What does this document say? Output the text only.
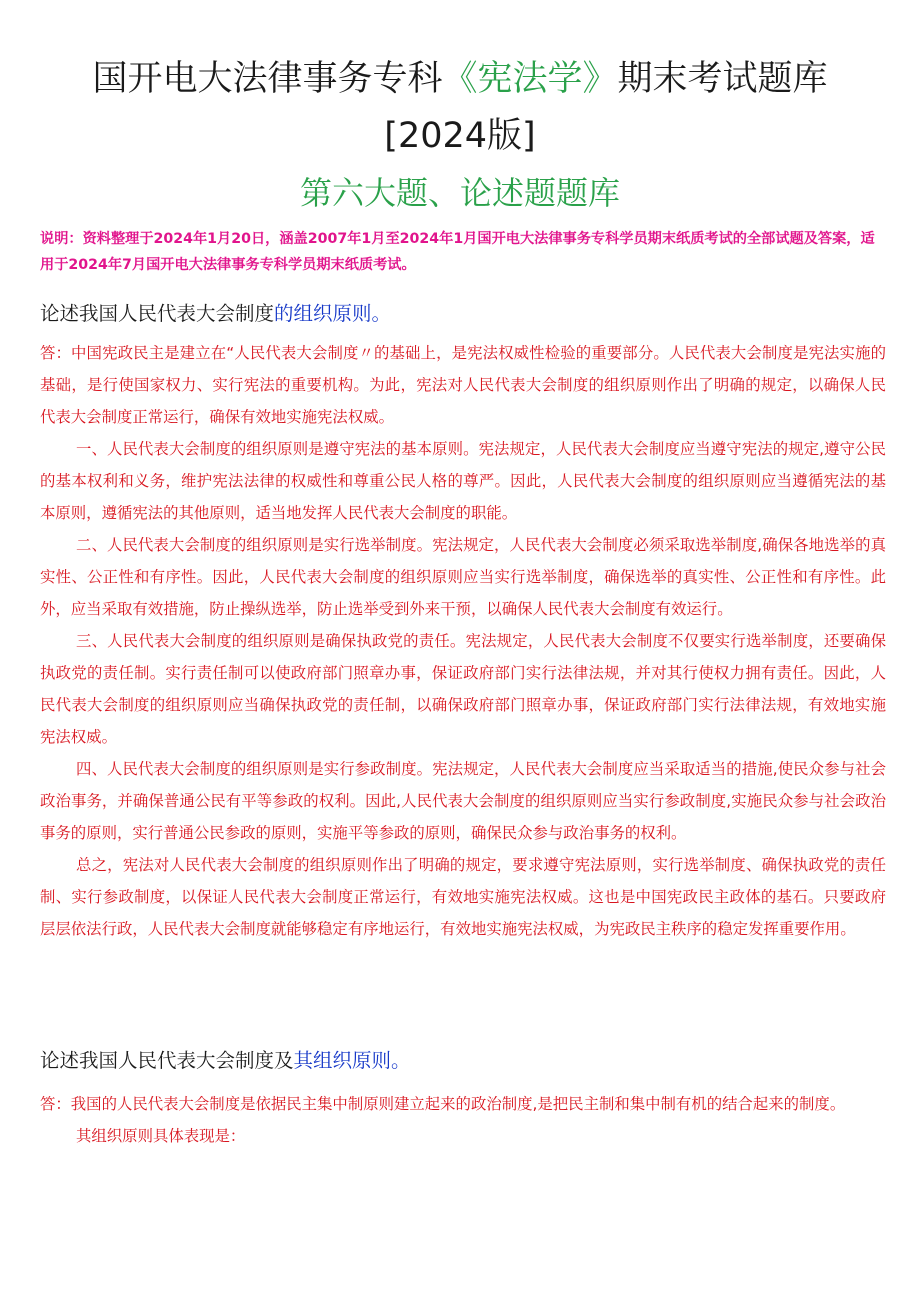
国开电大法律事务专科《宪法学》期末考试题库
[2024版]
第六大题、论述题题库
说明：资料整理于2024年1月20日，涵盖2007年1月至2024年1月国开电大法律事务专科学员期末纸质考试的全部试题及答案，适用于2024年7月国开电大法律事务专科学员期末纸质考试。
论述我国人民代表大会制度的组织原则。

答：中国宪政民主是建立在“人民代表大会制度〃的基础上，是宪法权威性检验的重要部分。人民代表大会制度是宪法实施的基础，是行使国家权力、实行宪法的重要机构。为此，宪法对人民代表大会制度的组织原则作出了明确的规定，以确保人民代表大会制度正常运行，确保有效地实施宪法权威。

一、人民代表大会制度的组织原则是遵守宪法的基本原则。宪法规定，人民代表大会制度应当遵守宪法的规定,遵守公民的基本权利和义务，维护宪法法律的权威性和尊重公民人格的尊严。因此，人民代表大会制度的组织原则应当遵循宪法的基本原则，遵循宪法的其他原则，适当地发挥人民代表大会制度的职能。

二、人民代表大会制度的组织原则是实行选举制度。宪法规定，人民代表大会制度必须采取选举制度,确保各地选举的真实性、公正性和有序性。因此，人民代表大会制度的组织原则应当实行选举制度，确保选举的真实性、公正性和有序性。此外，应当采取有效措施，防止操纵选举，防止选举受到外来干预，以确保人民代表大会制度有效运行。

三、人民代表大会制度的组织原则是确保执政党的责任。宪法规定，人民代表大会制度不仅要实行选举制度，还要确保执政党的责任制。实行责任制可以使政府部门照章办事，保证政府部门实行法律法规，并对其行使权力拥有责任。因此，人民代表大会制度的组织原则应当确保执政党的责任制，以确保政府部门照章办事，保证政府部门实行法律法规，有效地实施宪法权威。

四、人民代表大会制度的组织原则是实行参政制度。宪法规定，人民代表大会制度应当采取适当的措施,使民众参与社会政治事务，并确保普通公民有平等参政的权利。因此,人民代表大会制度的组织原则应当实行参政制度,实施民众参与社会政治事务的原则，实行普通公民参政的原则，实施平等参政的原则，确保民众参与政治事务的权利。

总之，宪法对人民代表大会制度的组织原则作出了明确的规定，要求遵守宪法原则，实行选举制度、确保执政党的责任制、实行参政制度，以保证人民代表大会制度正常运行，有效地实施宪法权威。这也是中国宪政民主政体的基石。只要政府层层依法行政，人民代表大会制度就能够稳定有序地运行，有效地实施宪法权威，为宪政民主秩序的稳定发挥重要作用。

论述我国人民代表大会制度及其组织原则。

答：我国的人民代表大会制度是依据民主集中制原则建立起来的政治制度,是把民主制和集中制有机的结合起来的制度。

其组织原则具体表现是：
